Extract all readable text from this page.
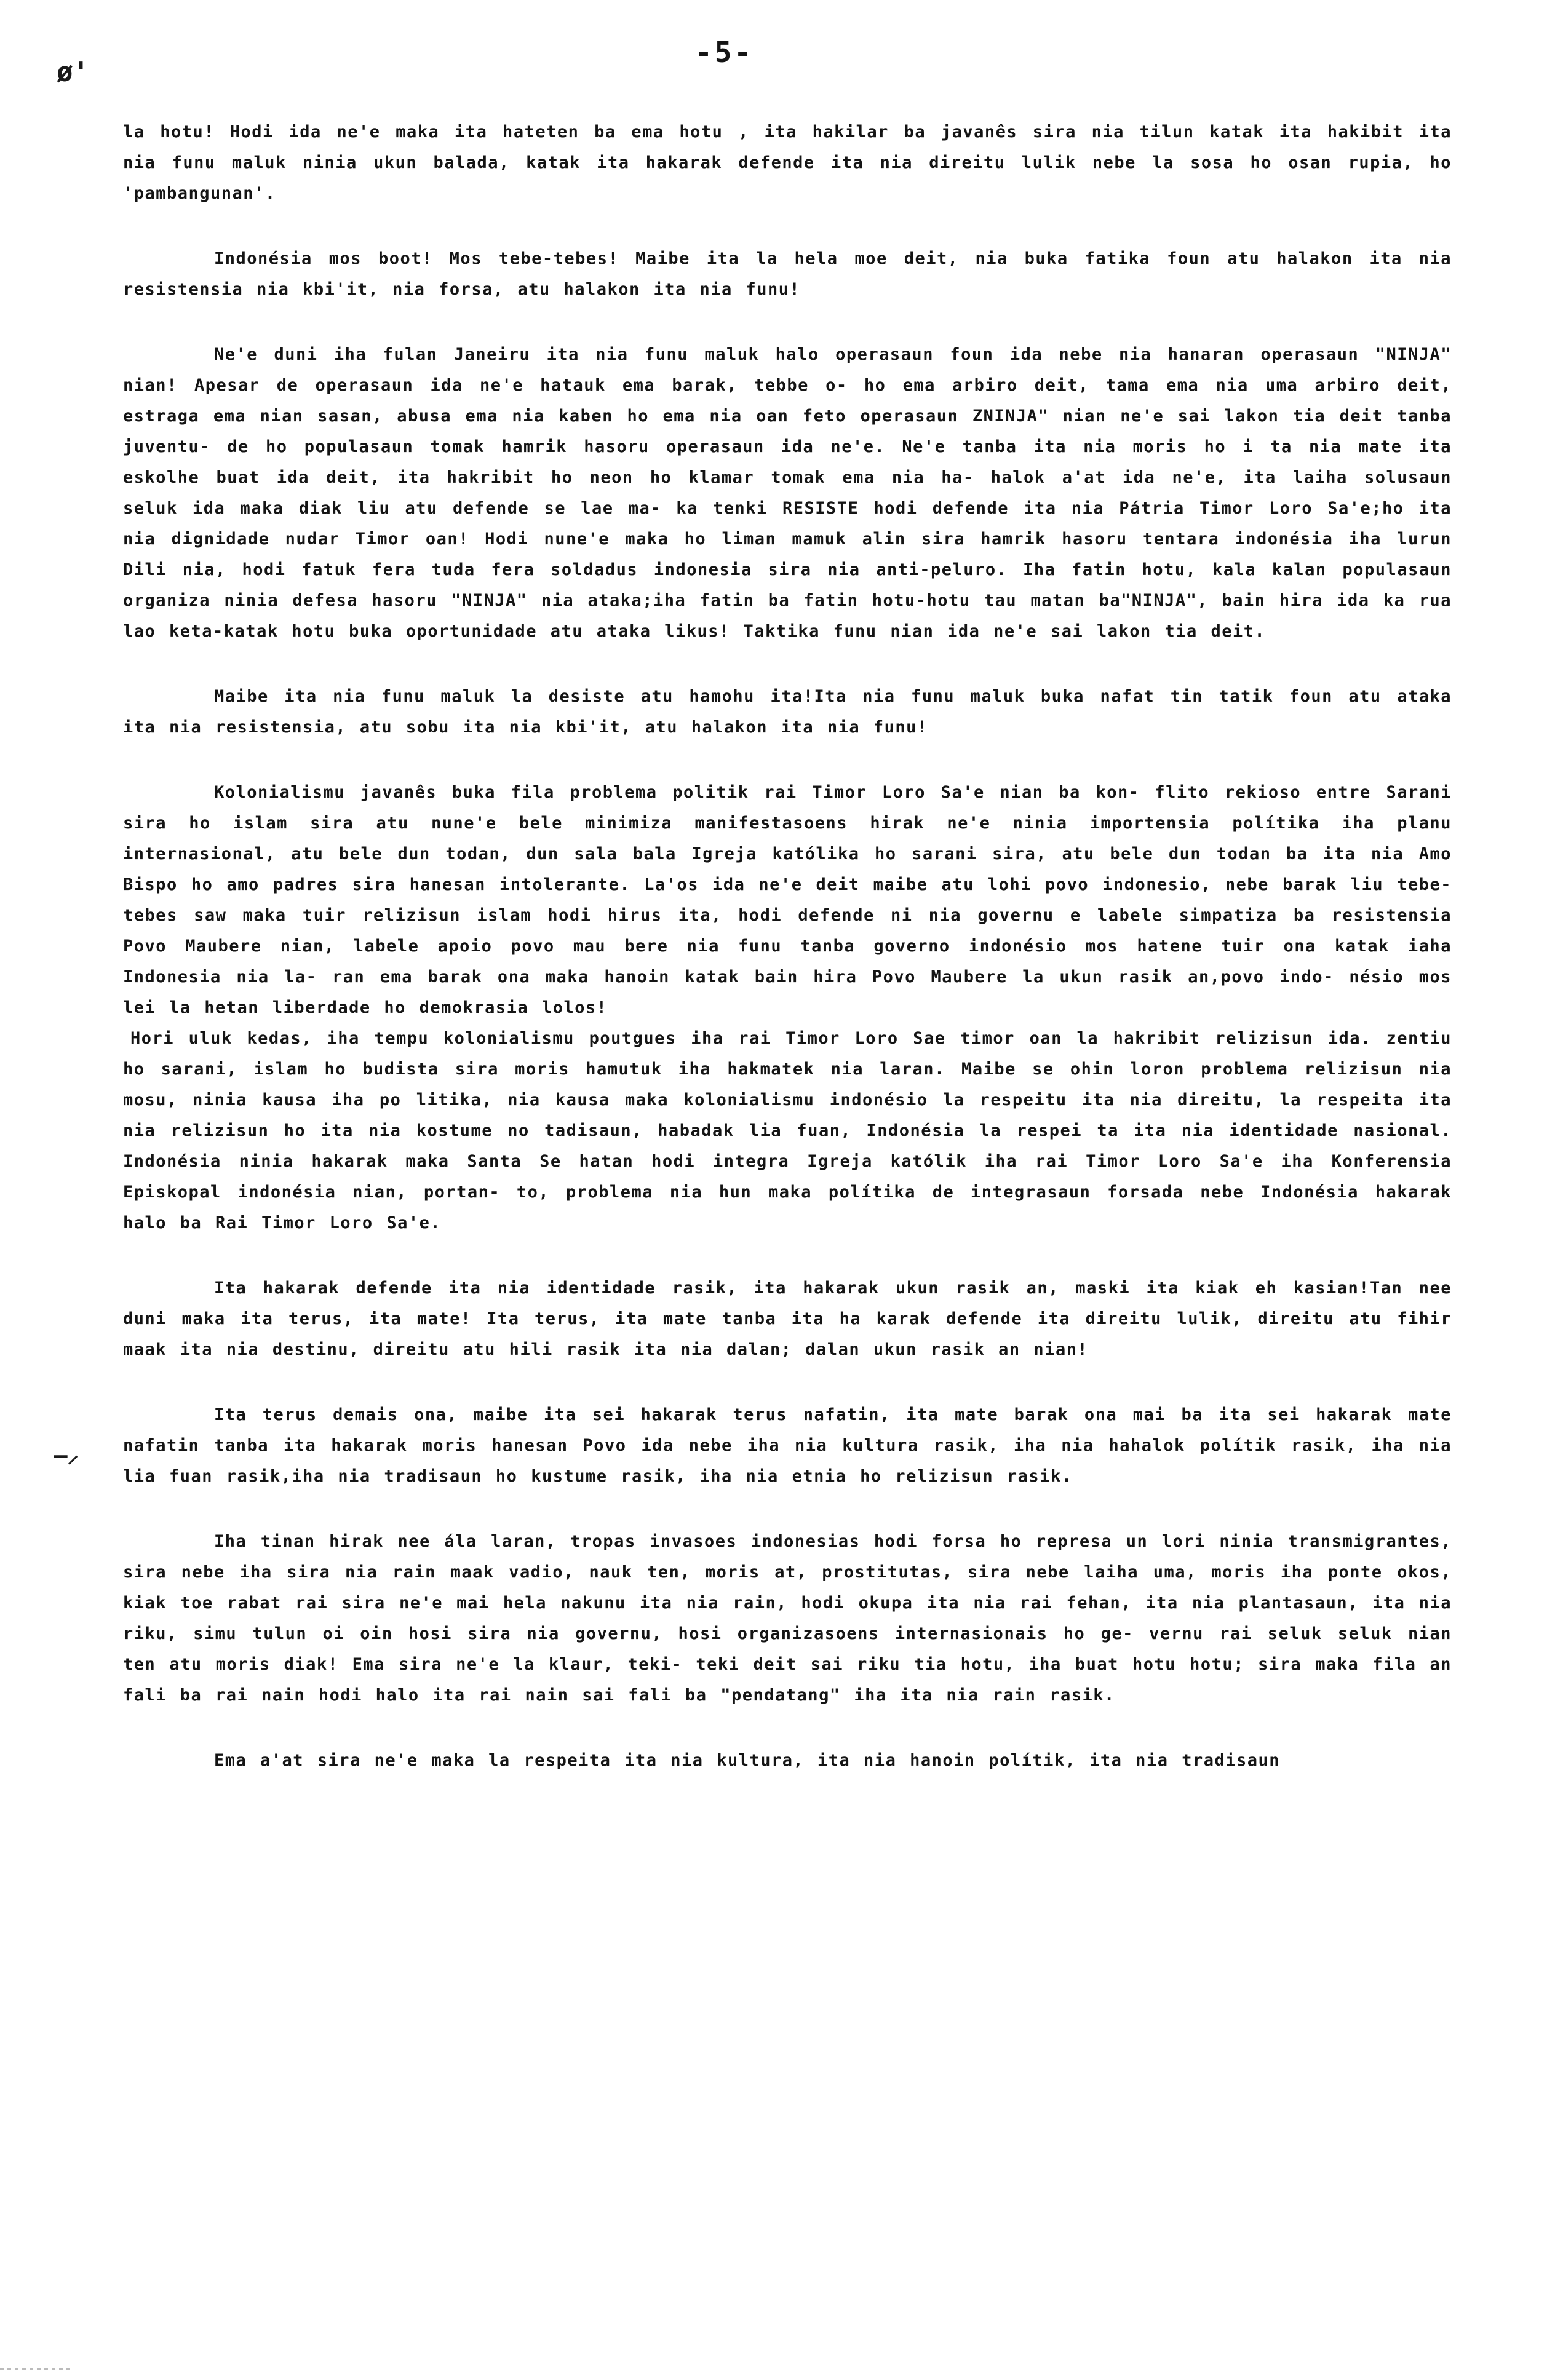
ø'
—⸝
-5-

la hotu! Hodi ida ne'e maka ita hateten ba ema hotu , ita hakilar ba javanês sira nia tilun katak ita hakibit ita nia funu maluk ninia ukun balada, katak ita hakarak defende ita nia direitu lulik nebe la sosa ho osan rupia, ho 'pambangunan'.

Indonésia mos boot! Mos tebe-tebes! Maibe ita la hela moe deit, nia buka fatika foun atu halakon ita nia resistensia nia kbi'it, nia forsa, atu halakon ita nia funu!

Ne'e duni iha fulan Janeiru ita nia funu maluk halo operasaun foun ida nebe nia hanaran operasaun "NINJA" nian! Apesar de operasaun ida ne'e hatauk ema barak, tebbe o- ho ema arbiro deit, tama ema nia uma arbiro deit, estraga ema nian sasan, abusa ema nia kaben ho ema nia oan feto operasaun ZNINJA" nian ne'e sai lakon tia deit tanba juventu- de ho populasaun tomak hamrik hasoru operasaun ida ne'e. Ne'e tanba ita nia moris ho i ta nia mate ita eskolhe buat ida deit, ita hakribit ho neon ho klamar tomak ema nia ha- halok a'at ida ne'e, ita laiha solusaun seluk ida maka diak liu atu defende se lae ma- ka tenki RESISTE hodi defende ita nia Pátria Timor Loro Sa'e;ho ita nia dignidade nudar Timor oan! Hodi nune'e maka ho liman mamuk alin sira hamrik hasoru tentara indonésia iha lurun Dili nia, hodi fatuk fera tuda fera soldadus indonesia sira nia anti-peluro. Iha fatin hotu, kala kalan populasaun organiza ninia defesa hasoru "NINJA" nia ataka;iha fatin ba fatin hotu-hotu tau matan ba"NINJA", bain hira ida ka rua lao keta-katak hotu buka oportunidade atu ataka likus! Taktika funu nian ida ne'e sai lakon tia deit.

Maibe ita nia funu maluk la desiste atu hamohu ita!Ita nia funu maluk buka nafat tin tatik foun atu ataka ita nia resistensia, atu sobu ita nia kbi'it, atu halakon ita nia funu!

Kolonialismu javanês buka fila problema politik rai Timor Loro Sa'e nian ba kon- flito rekioso entre Sarani sira ho islam sira atu nune'e bele minimiza manifestasoens hirak ne'e ninia importensia polítika iha planu internasional, atu bele dun todan, dun sala bala Igreja katólika ho sarani sira, atu bele dun todan ba ita nia Amo Bispo ho amo padres sira hanesan intolerante. La'os ida ne'e deit maibe atu lohi povo indonesio, nebe barak liu tebe-tebes saw maka tuir relizisun islam hodi hirus ita, hodi defende ni nia governu e labele simpatiza ba resistensia Povo Maubere nian, labele apoio povo mau bere nia funu tanba governo indonésio mos hatene tuir ona katak iaha Indonesia nia la- ran ema barak ona maka hanoin katak bain hira Povo Maubere la ukun rasik an,povo indo- nésio mos lei la hetan liberdade ho demokrasia lolos!

Hori uluk kedas, iha tempu kolonialismu poutgues iha rai Timor Loro Sae timor oan la hakribit relizisun ida. zentiu ho sarani, islam ho budista sira moris hamutuk iha hakmatek nia laran. Maibe se ohin loron problema relizisun nia mosu, ninia kausa iha po litika, nia kausa maka kolonialismu indonésio la respeitu ita nia direitu, la respeita ita nia relizisun ho ita nia kostume no tadisaun, habadak lia fuan, Indonésia la respei ta ita nia identidade nasional. Indonésia ninia hakarak maka Santa Se hatan hodi integra Igreja katólik iha rai Timor Loro Sa'e iha Konferensia Episkopal indonésia nian, portan- to, problema nia hun maka polítika de integrasaun forsada nebe Indonésia hakarak halo ba Rai Timor Loro Sa'e.

Ita hakarak defende ita nia identidade rasik, ita hakarak ukun rasik an, maski ita kiak eh kasian!Tan nee duni maka ita terus, ita mate! Ita terus, ita mate tanba ita ha karak defende ita direitu lulik, direitu atu fihir maak ita nia destinu, direitu atu hili rasik ita nia dalan; dalan ukun rasik an nian!

Ita terus demais ona, maibe ita sei hakarak terus nafatin, ita mate barak ona mai ba ita sei hakarak mate nafatin tanba ita hakarak moris hanesan Povo ida nebe iha nia kultura rasik, iha nia hahalok polítik rasik, iha nia lia fuan rasik,iha nia tradisaun ho kustume rasik, iha nia etnia ho relizisun rasik.

Iha tinan hirak nee ála laran, tropas invasoes indonesias hodi forsa ho represa un lori ninia transmigrantes, sira nebe iha sira nia rain maak vadio, nauk ten, moris at, prostitutas, sira nebe laiha uma, moris iha ponte okos, kiak toe rabat rai sira ne'e mai hela nakunu ita nia rain, hodi okupa ita nia rai fehan, ita nia plantasaun, ita nia riku, simu tulun oi oin hosi sira nia governu, hosi organizasoens internasionais ho ge- vernu rai seluk seluk nian ten atu moris diak! Ema sira ne'e la klaur, teki- teki deit sai riku tia hotu, iha buat hotu hotu; sira maka fila an fali ba rai nain hodi halo ita rai nain sai fali ba "pendatang" iha ita nia rain rasik.

Ema a'at sira ne'e maka la respeita ita nia kultura, ita nia hanoin polítik, ita nia tradisaun
